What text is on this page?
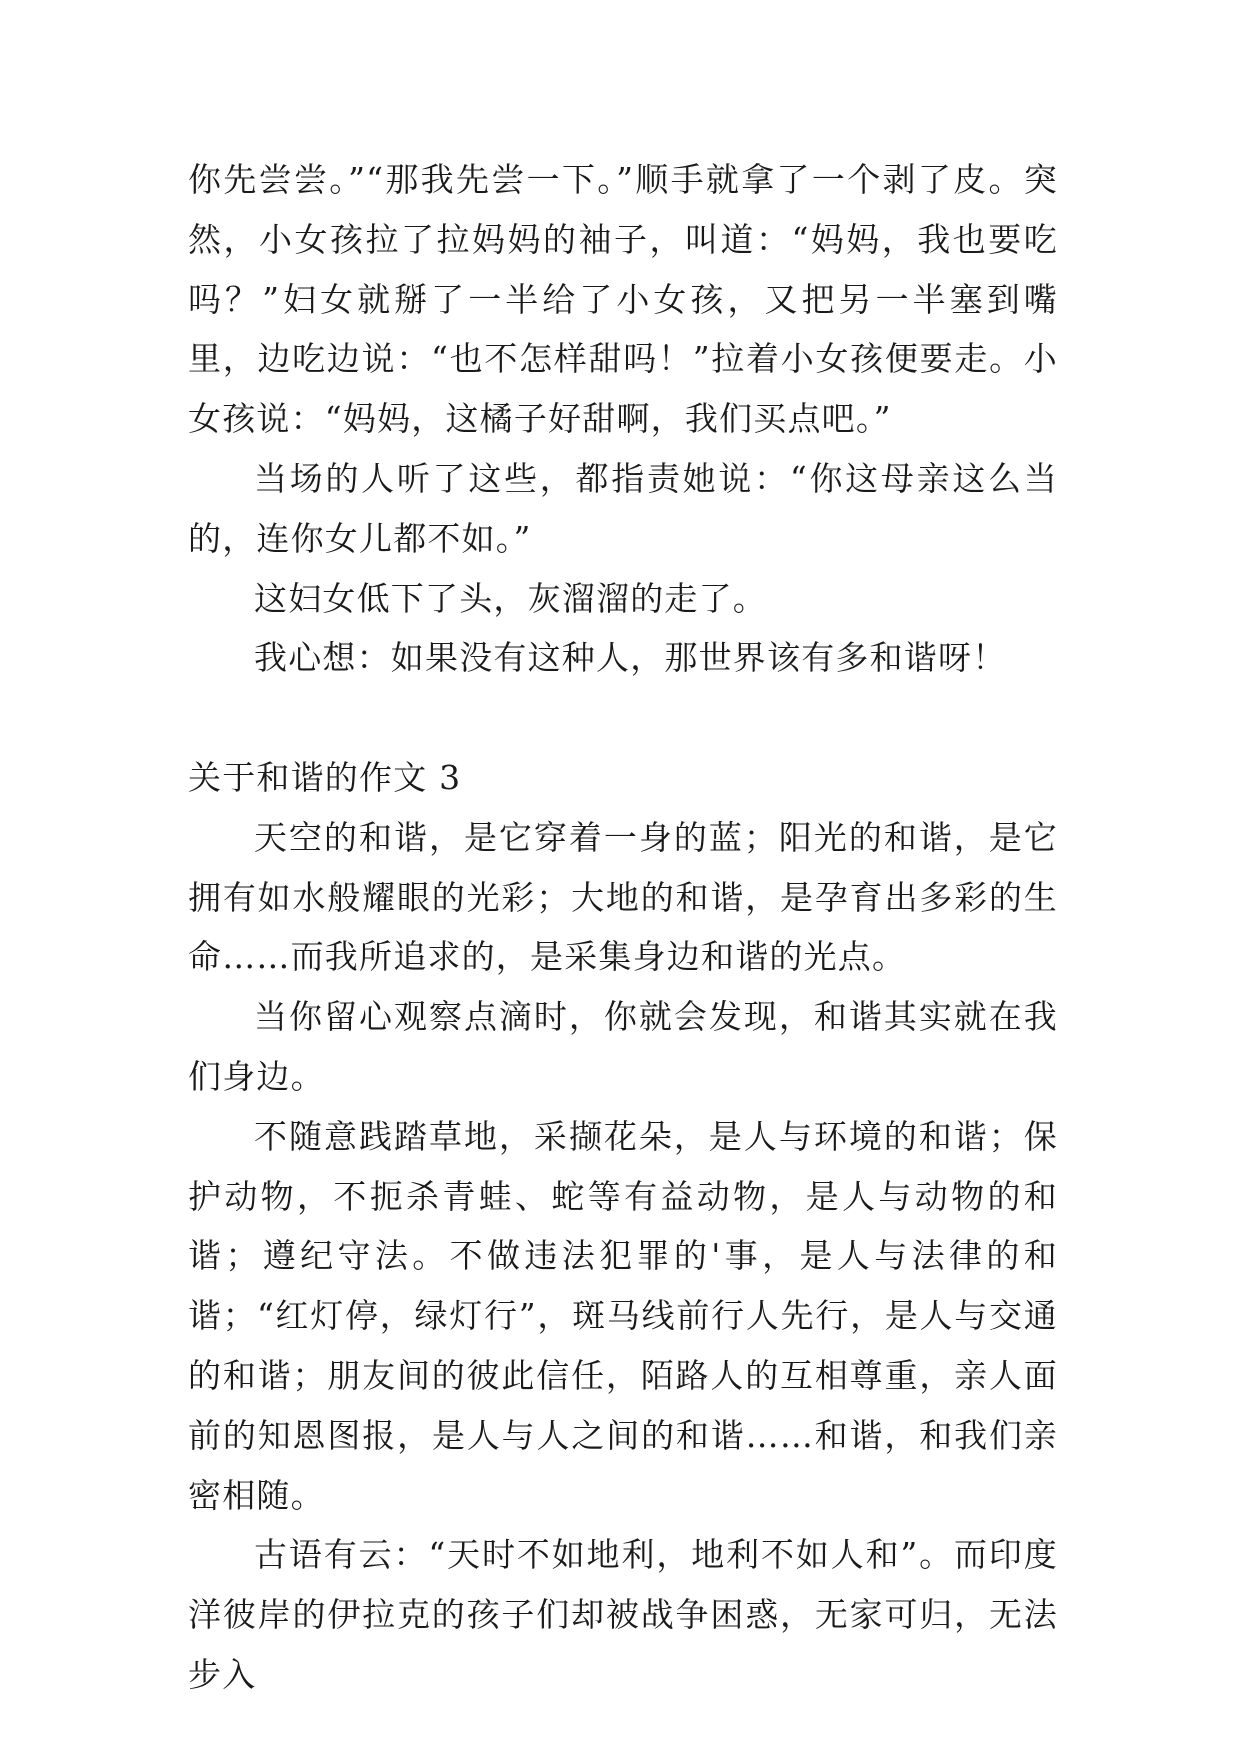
你先尝尝。”“那我先尝一下。”顺手就拿了一个剥了皮。突然，小女孩拉了拉妈妈的袖子，叫道：“妈妈，我也要吃吗？”妇女就掰了一半给了小女孩，又把另一半塞到嘴里，边吃边说：“也不怎样甜吗！”拉着小女孩便要走。小女孩说：“妈妈，这橘子好甜啊，我们买点吧。”

当场的人听了这些，都指责她说：“你这母亲这么当的，连你女儿都不如。”

这妇女低下了头，灰溜溜的走了。

我心想：如果没有这种人，那世界该有多和谐呀！

关于和谐的作文 3

天空的和谐，是它穿着一身的蓝；阳光的和谐，是它拥有如水般耀眼的光彩；大地的和谐，是孕育出多彩的生命……而我所追求的，是采集身边和谐的光点。

当你留心观察点滴时，你就会发现，和谐其实就在我们身边。

不随意践踏草地，采撷花朵，是人与环境的和谐；保护动物，不扼杀青蛙、蛇等有益动物，是人与动物的和谐；遵纪守法。不做违法犯罪的'事，是人与法律的和谐；“红灯停，绿灯行”，斑马线前行人先行，是人与交通的和谐；朋友间的彼此信任，陌路人的互相尊重，亲人面前的知恩图报，是人与人之间的和谐……和谐，和我们亲密相随。

古语有云：“天时不如地利，地利不如人和”。而印度洋彼岸的伊拉克的孩子们却被战争困惑，无家可归，无法步入
